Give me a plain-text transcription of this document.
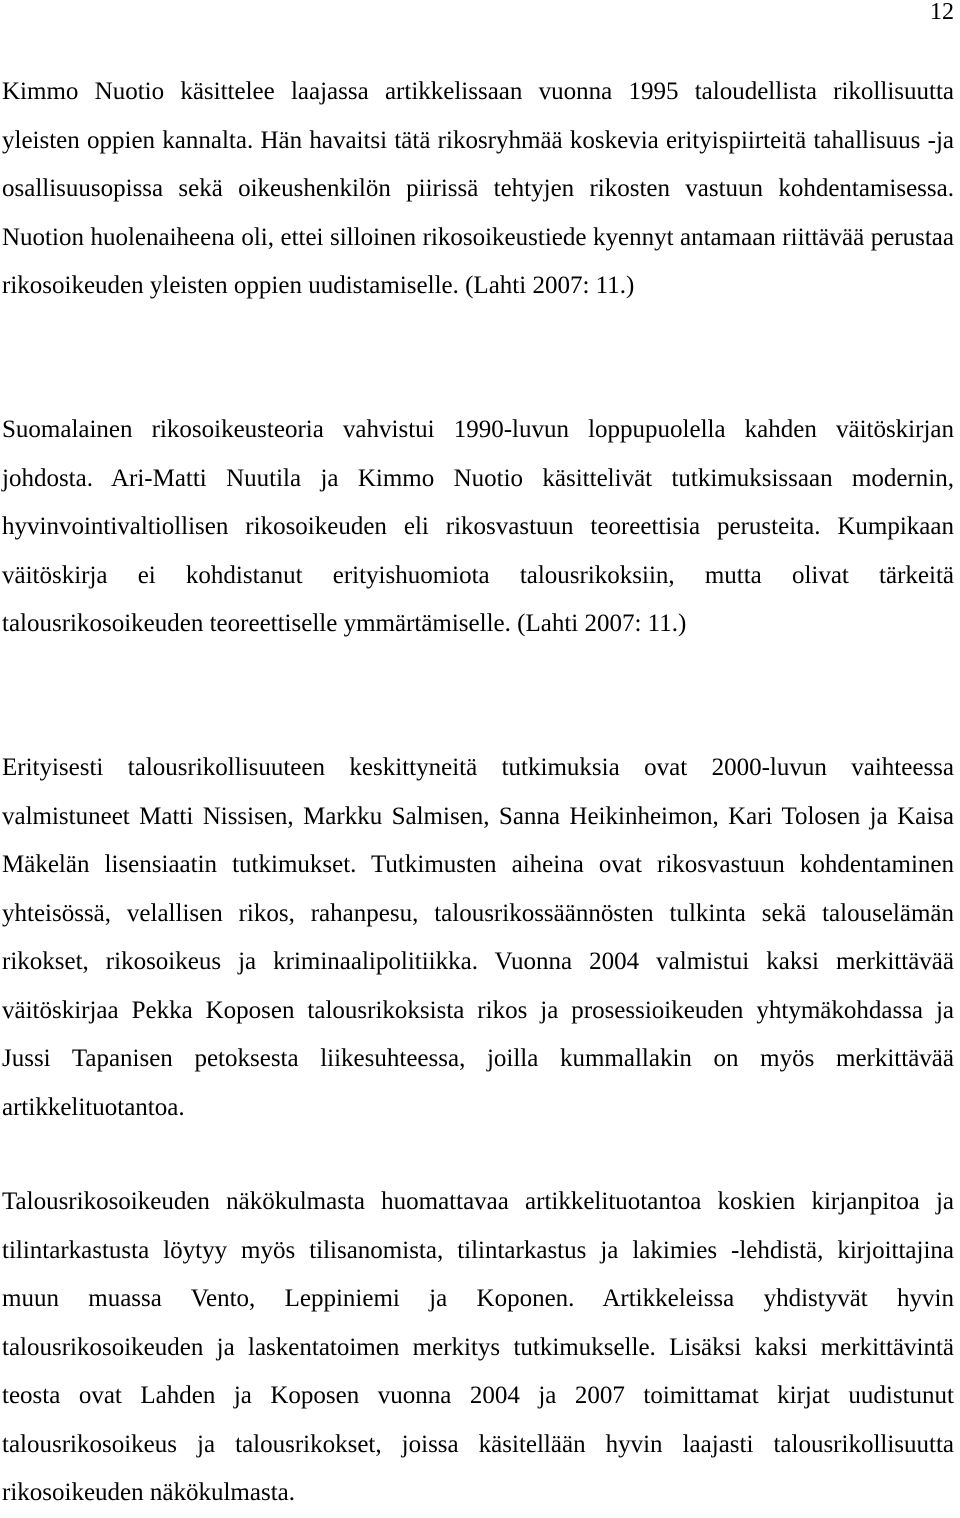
12

Kimmo Nuotio käsittelee laajassa artikkelissaan vuonna 1995 taloudellista rikollisuutta yleisten oppien kannalta. Hän havaitsi tätä rikosryhmää koskevia erityispiirteitä tahallisuus -ja osallisuusopissa sekä oikeushenkilön piirissä tehtyjen rikosten vastuun kohdentamisessa. Nuotion huolenaiheena oli, ettei silloinen rikosoikeustiede kyennyt antamaan riittävää perustaa rikosoikeuden yleisten oppien uudistamiselle. (Lahti 2007: 11.)

Suomalainen rikosoikeusteoria vahvistui 1990-luvun loppupuolella kahden väitöskirjan johdosta. Ari-Matti Nuutila ja Kimmo Nuotio käsittelivät tutkimuksissaan modernin, hyvinvointivaltiollisen rikosoikeuden eli rikosvastuun teoreettisia perusteita. Kumpikaan väitöskirja ei kohdistanut erityishuomiota talousrikoksiin, mutta olivat tärkeitä talousrikosoikeuden teoreettiselle ymmärtämiselle. (Lahti 2007: 11.)

Erityisesti talousrikollisuuteen keskittyneitä tutkimuksia ovat 2000-luvun vaihteessa valmistuneet Matti Nissisen, Markku Salmisen, Sanna Heikinheimon, Kari Tolosen ja Kaisa Mäkelän lisensiaatin tutkimukset. Tutkimusten aiheina ovat rikosvastuun kohdentaminen yhteisössä, velallisen rikos, rahanpesu, talousrikossäännösten tulkinta sekä talouselämän rikokset, rikosoikeus ja kriminaalipolitiikka. Vuonna 2004 valmistui kaksi merkittävää väitöskirjaa Pekka Koposen talousrikoksista rikos ja prosessioikeuden yhtymäkohdassa ja Jussi Tapanisen petoksesta liikesuhteessa, joilla kummallakin on myös merkittävää artikkelituotantoa.

Talousrikosoikeuden näkökulmasta huomattavaa artikkelituotantoa koskien kirjanpitoa ja tilintarkastusta löytyy myös tilisanomista, tilintarkastus ja lakimies -lehdistä, kirjoittajina muun muassa Vento, Leppiniemi ja Koponen. Artikkeleissa yhdistyvät hyvin talousrikosoikeuden ja laskentatoimen merkitys tutkimukselle. Lisäksi kaksi merkittävintä teosta ovat Lahden ja Koposen vuonna 2004 ja 2007 toimittamat kirjat uudistunut talousrikosoikeus ja talousrikokset, joissa käsitellään hyvin laajasti talousrikollisuutta rikosoikeuden näkökulmasta.
